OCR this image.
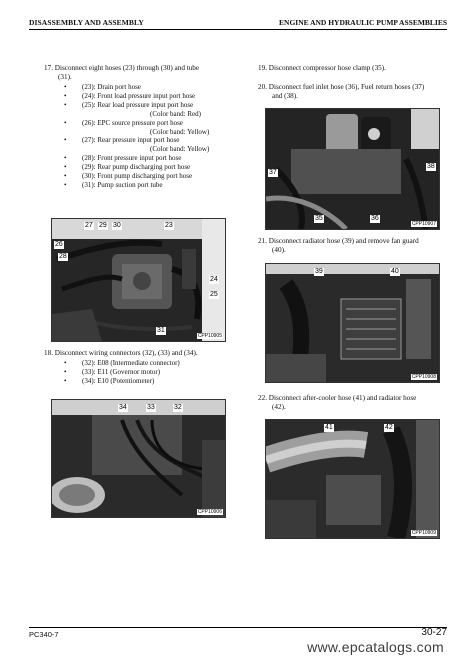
DISASSEMBLY AND ASSEMBLY	ENGINE AND HYDRAULIC PUMP ASSEMBLIES
17. Disconnect eight hoses (23) through (30) and tube
(31).
• (23): Drain port hose
• (24): Front load pressure input port hose
• (25): Rear load pressure input port hose
(Color band: Red)
• (26): EPC source pressure port hose
(Color band: Yellow)
• (27): Rear pressure input port hose
(Color band: Yellow)
• (28): Front pressure input port hose
• (29): Rear pump discharging port hose
• (30): Front pump discharging port hose
• (31): Pump suction port tube
27 29 30	23
26
28
24
25
31
CPP10905
18. Disconnect wiring connectors (32), (33) and (34).
• (32): E08 (Intermediate connector)
• (33): E11 (Governor motor)
• (34): E10 (Potentiometer)
34	33	32
CPP10906
19. Disconnect compressor hose clamp (35).
20. Disconnect fuel inlet hose (36), Fuel return hoses (37)
and (38).
37
38
35	36
CPP10907
21. Disconnect radiator hose (39) and remove fan guard
(40).
39	40
CPP10908
22. Disconnect after-cooler hose (41) and radiator hose
(42).
41	42
CPP10909
PC340-7	30-27
www.epcatalogs.com
